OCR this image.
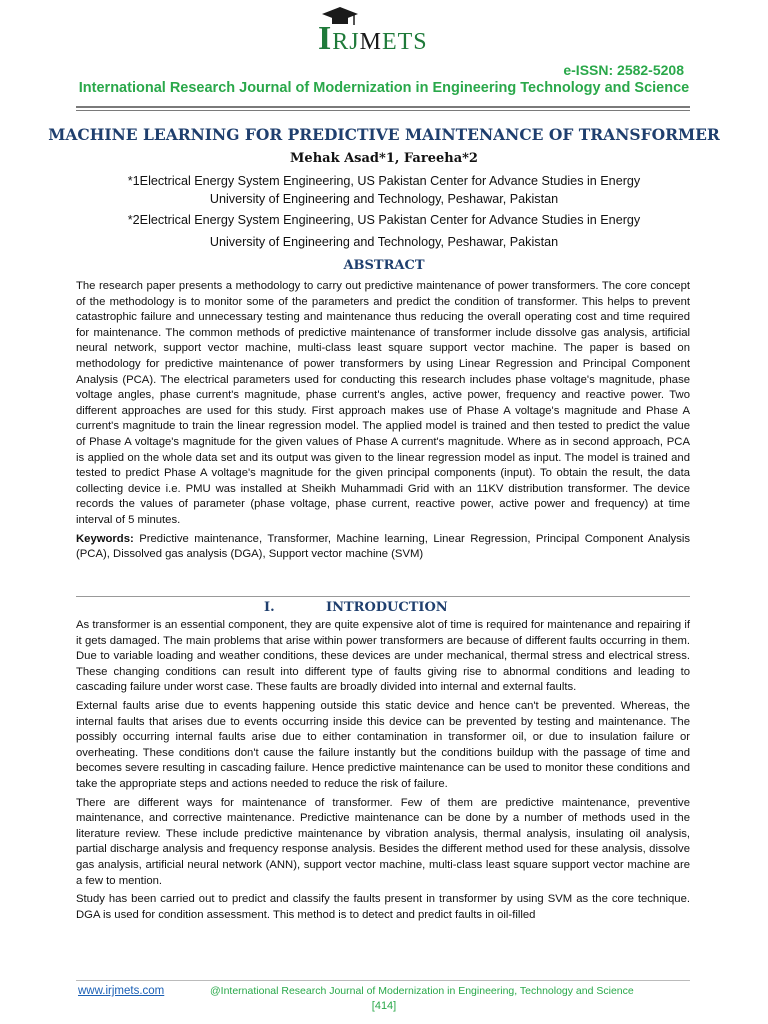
IRJMETS
e-ISSN: 2582-5208
International Research Journal of Modernization in Engineering Technology and Science
MACHINE LEARNING FOR PREDICTIVE MAINTENANCE OF TRANSFORMER
Mehak Asad*1, Fareeha*2
*1Electrical Energy System Engineering, US Pakistan Center for Advance Studies in Energy
University of Engineering and Technology, Peshawar, Pakistan
*2Electrical Energy System Engineering, US Pakistan Center for Advance Studies in Energy
University of Engineering and Technology, Peshawar, Pakistan
ABSTRACT

The research paper presents a methodology to carry out predictive maintenance of power transformers. The core concept of the methodology is to monitor some of the parameters and predict the condition of transformer. This helps to prevent catastrophic failure and unnecessary testing and maintenance thus reducing the overall operating cost and time required for maintenance. The common methods of predictive maintenance of transformer include dissolve gas analysis, artificial neural network, support vector machine, multi-class least square support vector machine. The paper is based on methodology for predictive maintenance of power transformers by using Linear Regression and Principal Component Analysis (PCA). The electrical parameters used for conducting this research includes phase voltage's magnitude, phase voltage angles, phase current's magnitude, phase current's angles, active power, frequency and reactive power. Two different approaches are used for this study. First approach makes use of Phase A voltage's magnitude and Phase A current's magnitude to train the linear regression model. The applied model is trained and then tested to predict the value of Phase A voltage's magnitude for the given values of Phase A current's magnitude. Where as in second approach, PCA is applied on the whole data set and its output was given to the linear regression model as input. The model is trained and tested to predict Phase A voltage's magnitude for the given principal components (input). To obtain the result, the data collecting device i.e. PMU was installed at Sheikh Muhammadi Grid with an 11KV distribution transformer. The device records the values of parameter (phase voltage, phase current, reactive power, active power and frequency) at time interval of 5 minutes.

Keywords: Predictive maintenance, Transformer, Machine learning, Linear Regression, Principal Component Analysis (PCA), Dissolved gas analysis (DGA), Support vector machine (SVM)

I.	INTRODUCTION

As transformer is an essential component, they are quite expensive alot of time is required for maintenance and repairing if it gets damaged. The main problems that arise within power transformers are because of different faults occurring in them. Due to variable loading and weather conditions, these devices are under mechanical, thermal stress and electrical stress. These changing conditions can result into different type of faults giving rise to abnormal conditions and leading to cascading failure under worst case. These faults are broadly divided into internal and external faults.

External faults arise due to events happening outside this static device and hence can't be prevented. Whereas, the internal faults that arises due to events occurring inside this device can be prevented by testing and maintenance. The possibly occurring internal faults arise due to either contamination in transformer oil, or due to insulation failure or overheating. These conditions don't cause the failure instantly but the conditions buildup with the passage of time and becomes severe resulting in cascading failure. Hence predictive maintenance can be used to monitor these conditions and take the appropriate steps and actions needed to reduce the risk of failure.

There are different ways for maintenance of transformer. Few of them are predictive maintenance, preventive maintenance, and corrective maintenance. Predictive maintenance can be done by a number of methods used in the literature review. These include predictive maintenance by vibration analysis, thermal analysis, insulating oil analysis, partial discharge analysis and frequency response analysis. Besides the different method used for these analysis, dissolve gas analysis, artificial neural network (ANN), support vector machine, multi-class least square support vector machine are a few to mention.

Study has been carried out to predict and classify the faults present in transformer by using SVM as the core technique. DGA is used for condition assessment. This method is to detect and predict faults in oil-filled

www.irjmets.com	@International Research Journal of Modernization in Engineering, Technology and Science
[414]
